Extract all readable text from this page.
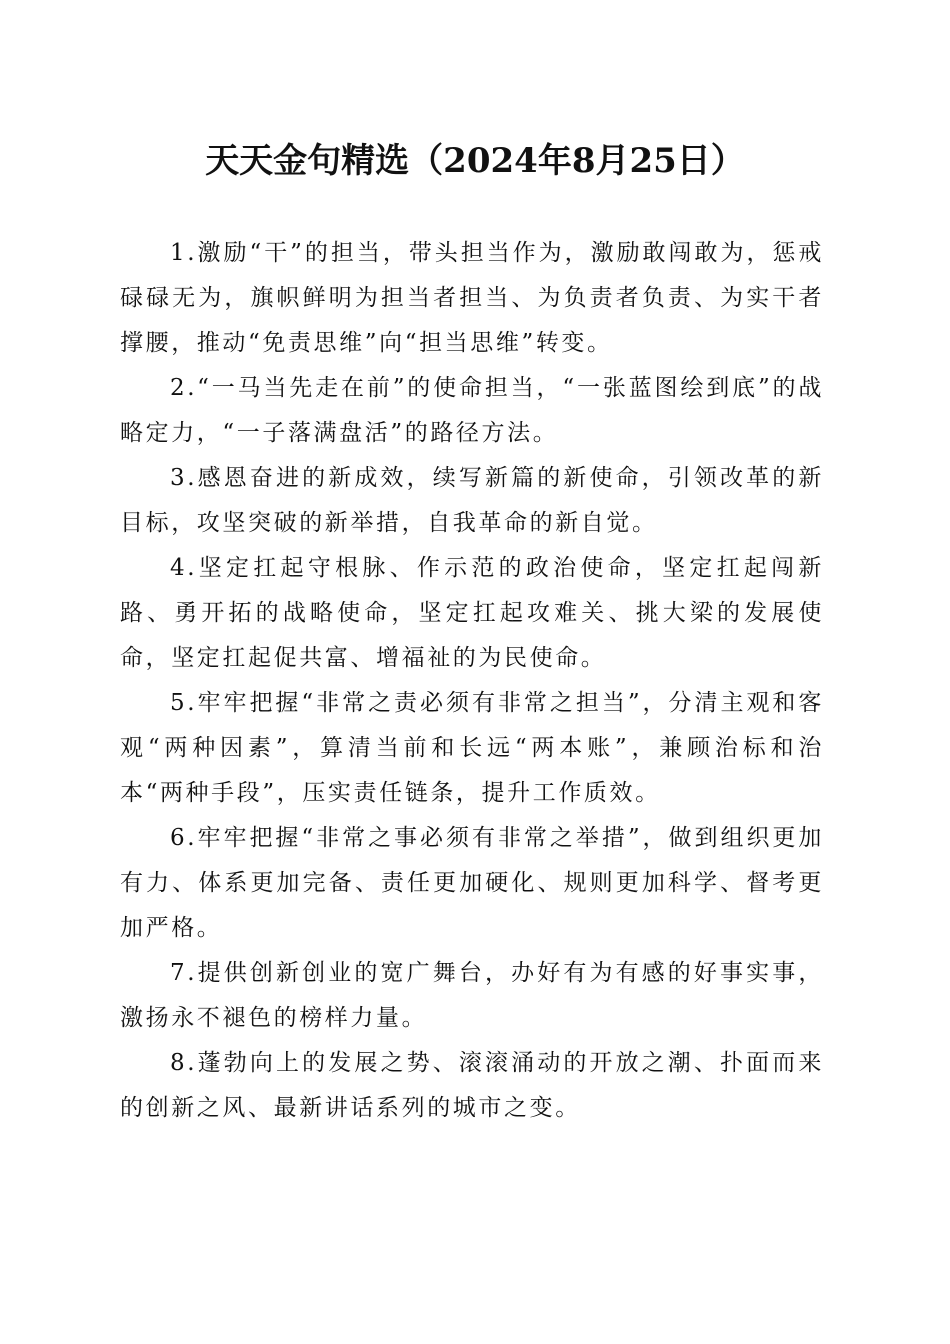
天天金句精选（2024年8月25日）

1.激励“干”的担当，带头担当作为，激励敢闯敢为，惩戒碌碌无为，旗帜鲜明为担当者担当、为负责者负责、为实干者撑腰，推动“免责思维”向“担当思维”转变。

2.“一马当先走在前”的使命担当，“一张蓝图绘到底”的战略定力，“一子落满盘活”的路径方法。

3.感恩奋进的新成效，续写新篇的新使命，引领改革的新目标，攻坚突破的新举措，自我革命的新自觉。

4.坚定扛起守根脉、作示范的政治使命，坚定扛起闯新路、勇开拓的战略使命，坚定扛起攻难关、挑大梁的发展使命，坚定扛起促共富、增福祉的为民使命。

5.牢牢把握“非常之责必须有非常之担当”，分清主观和客观“两种因素”，算清当前和长远“两本账”，兼顾治标和治本“两种手段”，压实责任链条，提升工作质效。

6.牢牢把握“非常之事必须有非常之举措”，做到组织更加有力、体系更加完备、责任更加硬化、规则更加科学、督考更加严格。

7.提供创新创业的宽广舞台，办好有为有感的好事实事，激扬永不褪色的榜样力量。

8.蓬勃向上的发展之势、滚滚涌动的开放之潮、扑面而来的创新之风、最新讲话系列的城市之变。
